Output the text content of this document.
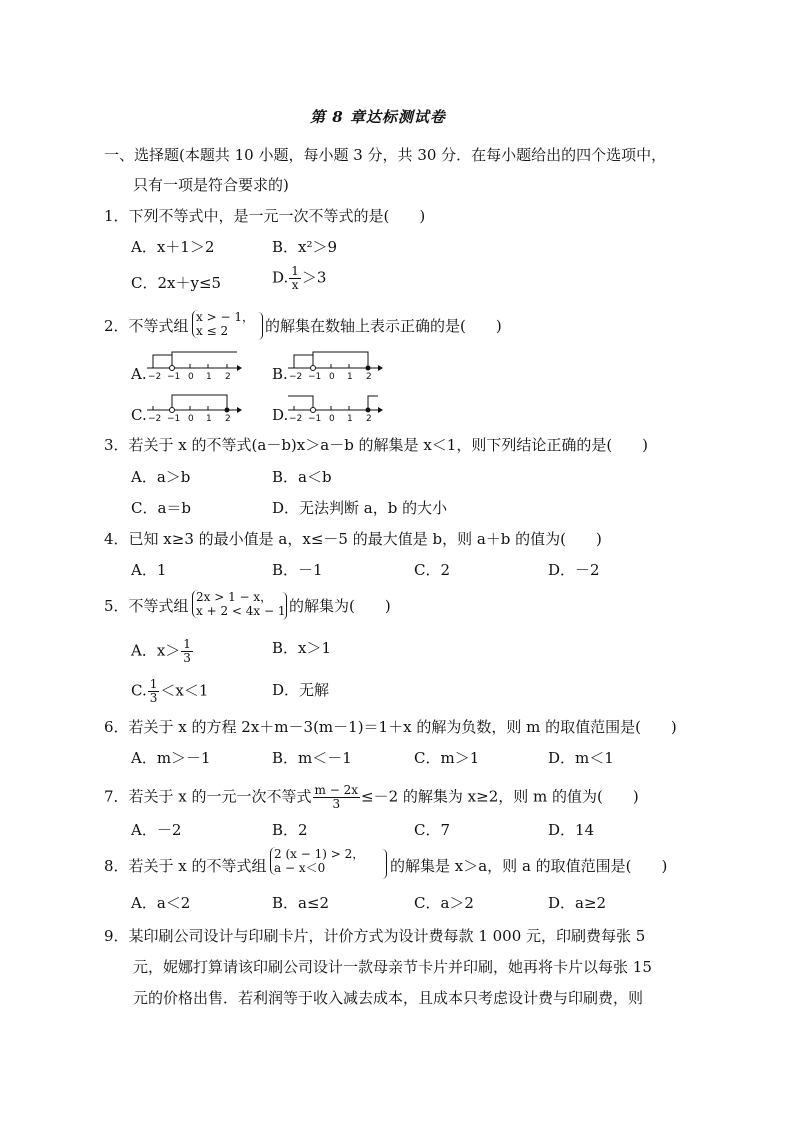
第 8 章达标测试卷
一、选择题(本题共 10 小题，每小题 3 分，共 30 分．在每小题给出的四个选项中，
只有一项是符合要求的)
1．下列不等式中，是一元一次不等式的是(　　)
A．x＋1＞2	B．x²＞9
C．2x＋y≤5	D. $\frac{1}{x} >3$
2．不等式组 x > − 1，
x ≤ 2	的解集在数轴上表示正确的是(　　)
A.	B.
C.	D.
−2 −1 0 1 2	−2 −1 0 1 2
−2 −1 0 1 2	−2 −1 0 1 2
3．若关于 x 的不等式(a－b)x＞a－b 的解集是 x＜1，则下列结论正确的是(　　)
A．a＞b	B．a＜b
C．a＝b	D．无法判断 a，b 的大小
4．已知 x≥3 的最小值是 a，x≤－5 的最大值是 b，则 a＋b 的值为(　　)
A．1	B．－1	C．2	D．－2
5．不等式组 2x > 1 − x，
x + 2 < 4x − 1 的解集为(　　)
A．$x> \frac{1}{3}$	B．x＞1
C. $\frac{1}{3} <x<1$	D．无解
6．若关于 x 的方程 2x＋m－3(m－1)＝1＋x 的解为负数，则 m 的取值范围是(　　)
A．m＞－1	B．m＜－1	C．m＞1	D．m＜1
7．若关于 x 的一元一次不等式 $\frac{m - 2x}{3} \le-2$ 的解集为 x≥2，则 m 的值为(　　)
A．－2	B．2	C．7	D．14
8．若关于 x 的不等式组
2 (x − 1) > 2，
a − x＜0	的解集是 x＞a，则 a 的取值范围是(　　)
A．a＜2	B．a≤2	C．a＞2	D．a≥2
9．某印刷公司设计与印刷卡片，计价方式为设计费每款 1 000 元，印刷费每张 5
元，妮娜打算请该印刷公司设计一款母亲节卡片并印刷，她再将卡片以每张 15
元的价格出售．若利润等于收入减去成本，且成本只考虑设计费与印刷费，则
